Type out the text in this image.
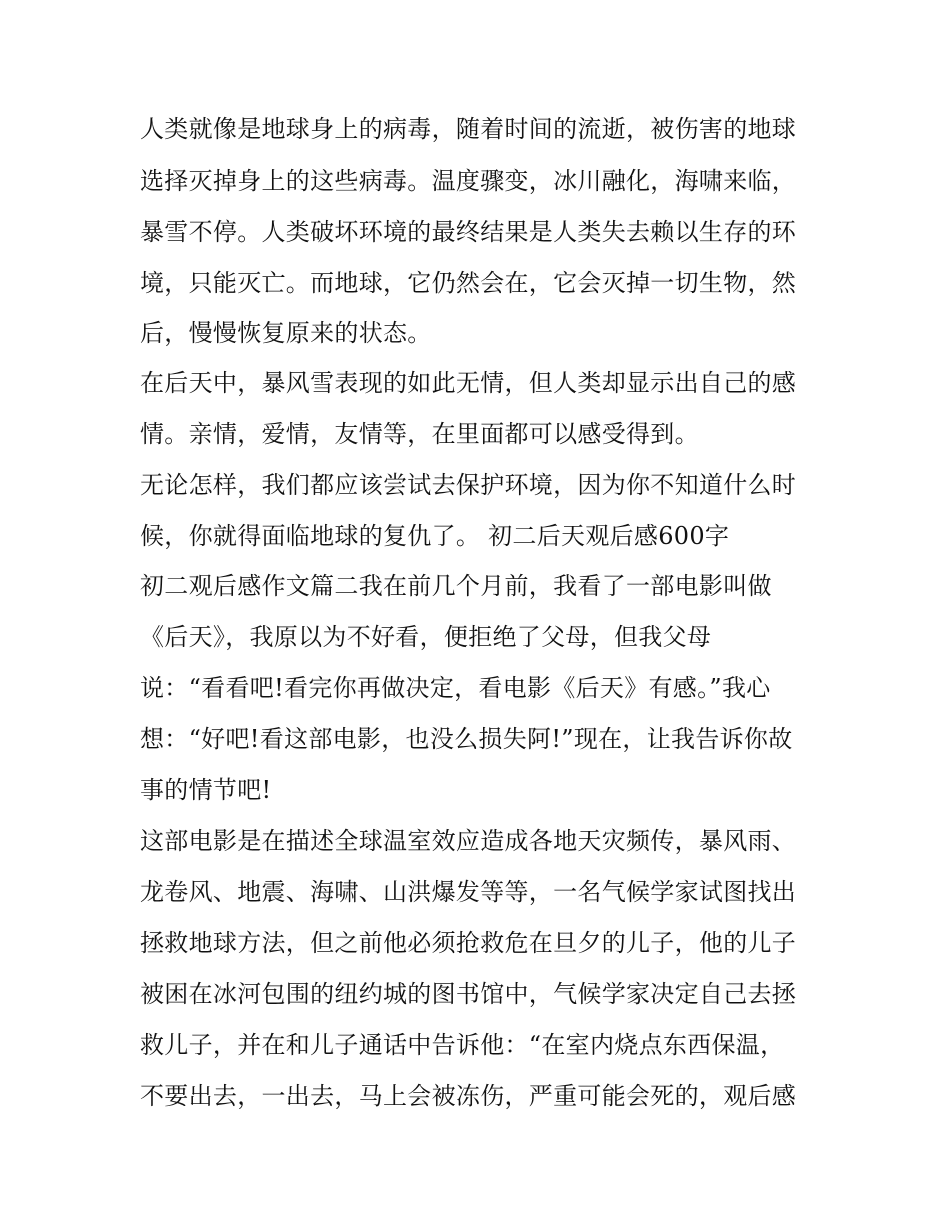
人类就像是地球身上的病毒，随着时间的流逝，被伤害的地球
选择灭掉身上的这些病毒。温度骤变，冰川融化，海啸来临，
暴雪不停。人类破坏环境的最终结果是人类失去赖以生存的环
境，只能灭亡。而地球，它仍然会在，它会灭掉一切生物，然
后，慢慢恢复原来的状态。
在后天中，暴风雪表现的如此无情，但人类却显示出自己的感
情。亲情，爱情，友情等，在里面都可以感受得到。
无论怎样，我们都应该尝试去保护环境，因为你不知道什么时
候，你就得面临地球的复仇了。 初二后天观后感600字
初二观后感作文篇二我在前几个月前，我看了一部电影叫做
《后天》，我原以为不好看，便拒绝了父母，但我父母
说：“看看吧!看完你再做决定，看电影《后天》有感。”我心
想：“好吧!看这部电影，也没么损失阿!”现在，让我告诉你故
事的情节吧!
这部电影是在描述全球温室效应造成各地天灾频传，暴风雨、
龙卷风、地震、海啸、山洪爆发等等，一名气候学家试图找出
拯救地球方法，但之前他必须抢救危在旦夕的儿子，他的儿子
被困在冰河包围的纽约城的图书馆中，气候学家决定自己去拯
救儿子，并在和儿子通话中告诉他：“在室内烧点东西保温，
不要出去，一出去，马上会被冻伤，严重可能会死的，观后感
